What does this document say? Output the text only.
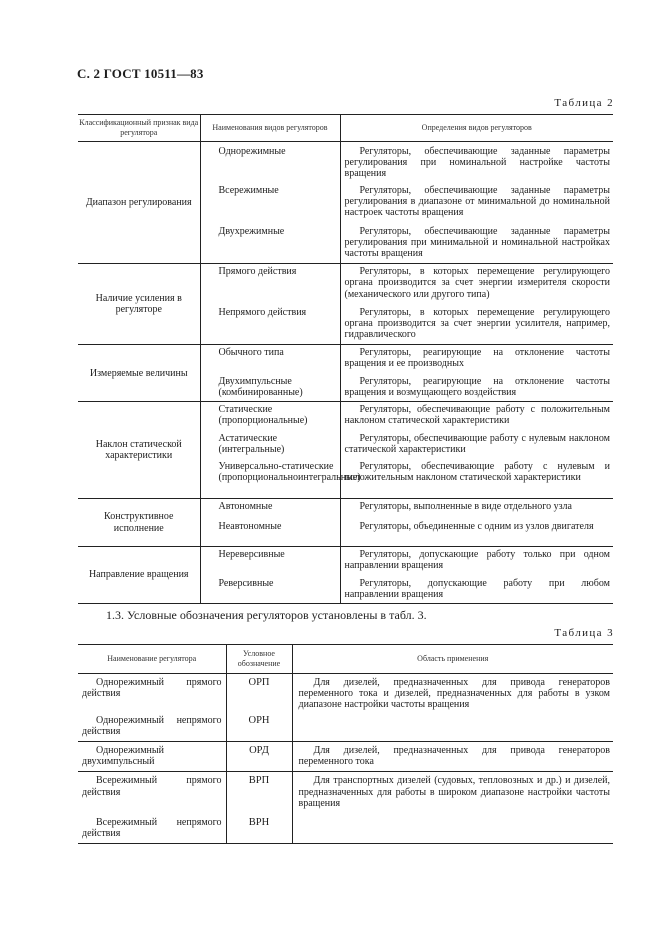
С. 2 ГОСТ 10511—83
Таблица 2
Классификационный признак вида регулятора	Наименования видов регуляторов	Определения видов регуляторов
Диапазон регулирования	Однорежимные	Регуляторы, обеспечивающие заданные параметры регулирования при номинальной настройке частоты вращения
	Всережимные	Регуляторы, обеспечивающие заданные параметры регулирования в диапазоне от минимальной до номинальной настроек частоты вращения
	Двухрежимные	Регуляторы, обеспечивающие заданные параметры регулирования при минимальной и номинальной настройках частоты вращения
Наличие усиления в регуляторе	Прямого действия	Регуляторы, в которых перемещение регулирующего органа производится за счет энергии измерителя скорости (механического или другого типа)
	Непрямого действия	Регуляторы, в которых перемещение регулирующего органа производится за счет энергии усилителя, например, гидравлического
Измеряемые величины	Обычного типа	Регуляторы, реагирующие на отклонение частоты вращения и ее производных
	Двухимпульсные (комбинированные)	Регуляторы, реагирующие на отклонение частоты вращения и возмущающего воздействия
Наклон статической характеристики	Статические (пропорциональные)	Регуляторы, обеспечивающие работу с положительным наклоном статической характеристики
	Астатические (интегральные)	Регуляторы, обеспечивающие работу с нулевым наклоном статической характеристики
	Универсально-статические (пропорциональноинтегральные)	Регуляторы, обеспечивающие работу с нулевым и положительным наклоном статической характеристики
Конструктивное исполнение	Автономные	Регуляторы, выполненные в виде отдельного узла
	Неавтономные	Регуляторы, объединенные с одним из узлов двигателя
Направление вращения	Нереверсивные	Регуляторы, допускающие работу только при одном направлении вращения
	Реверсивные	Регуляторы, допускающие работу при любом направлении вращения
1.3. Условные обозначения регуляторов установлены в табл. 3.
Таблица 3
Наименование регулятора	Условное обозначение	Область применения
Однорежимный прямого действия	ОРП	Для дизелей, предназначенных для привода генераторов переменного тока и дизелей, предназначенных для работы в узком диапазоне настройки частоты вращения
Однорежимный непрямого действия	ОРН	
Однорежимный двухимпульсный	ОРД	Для дизелей, предназначенных для привода генераторов переменного тока
Всережимный прямого действия	ВРП	Для транспортных дизелей (судовых, тепловозных и др.) и дизелей, предназначенных для работы в широком диапазоне настройки частоты вращения
Всережимный непрямого действия	ВРН	
